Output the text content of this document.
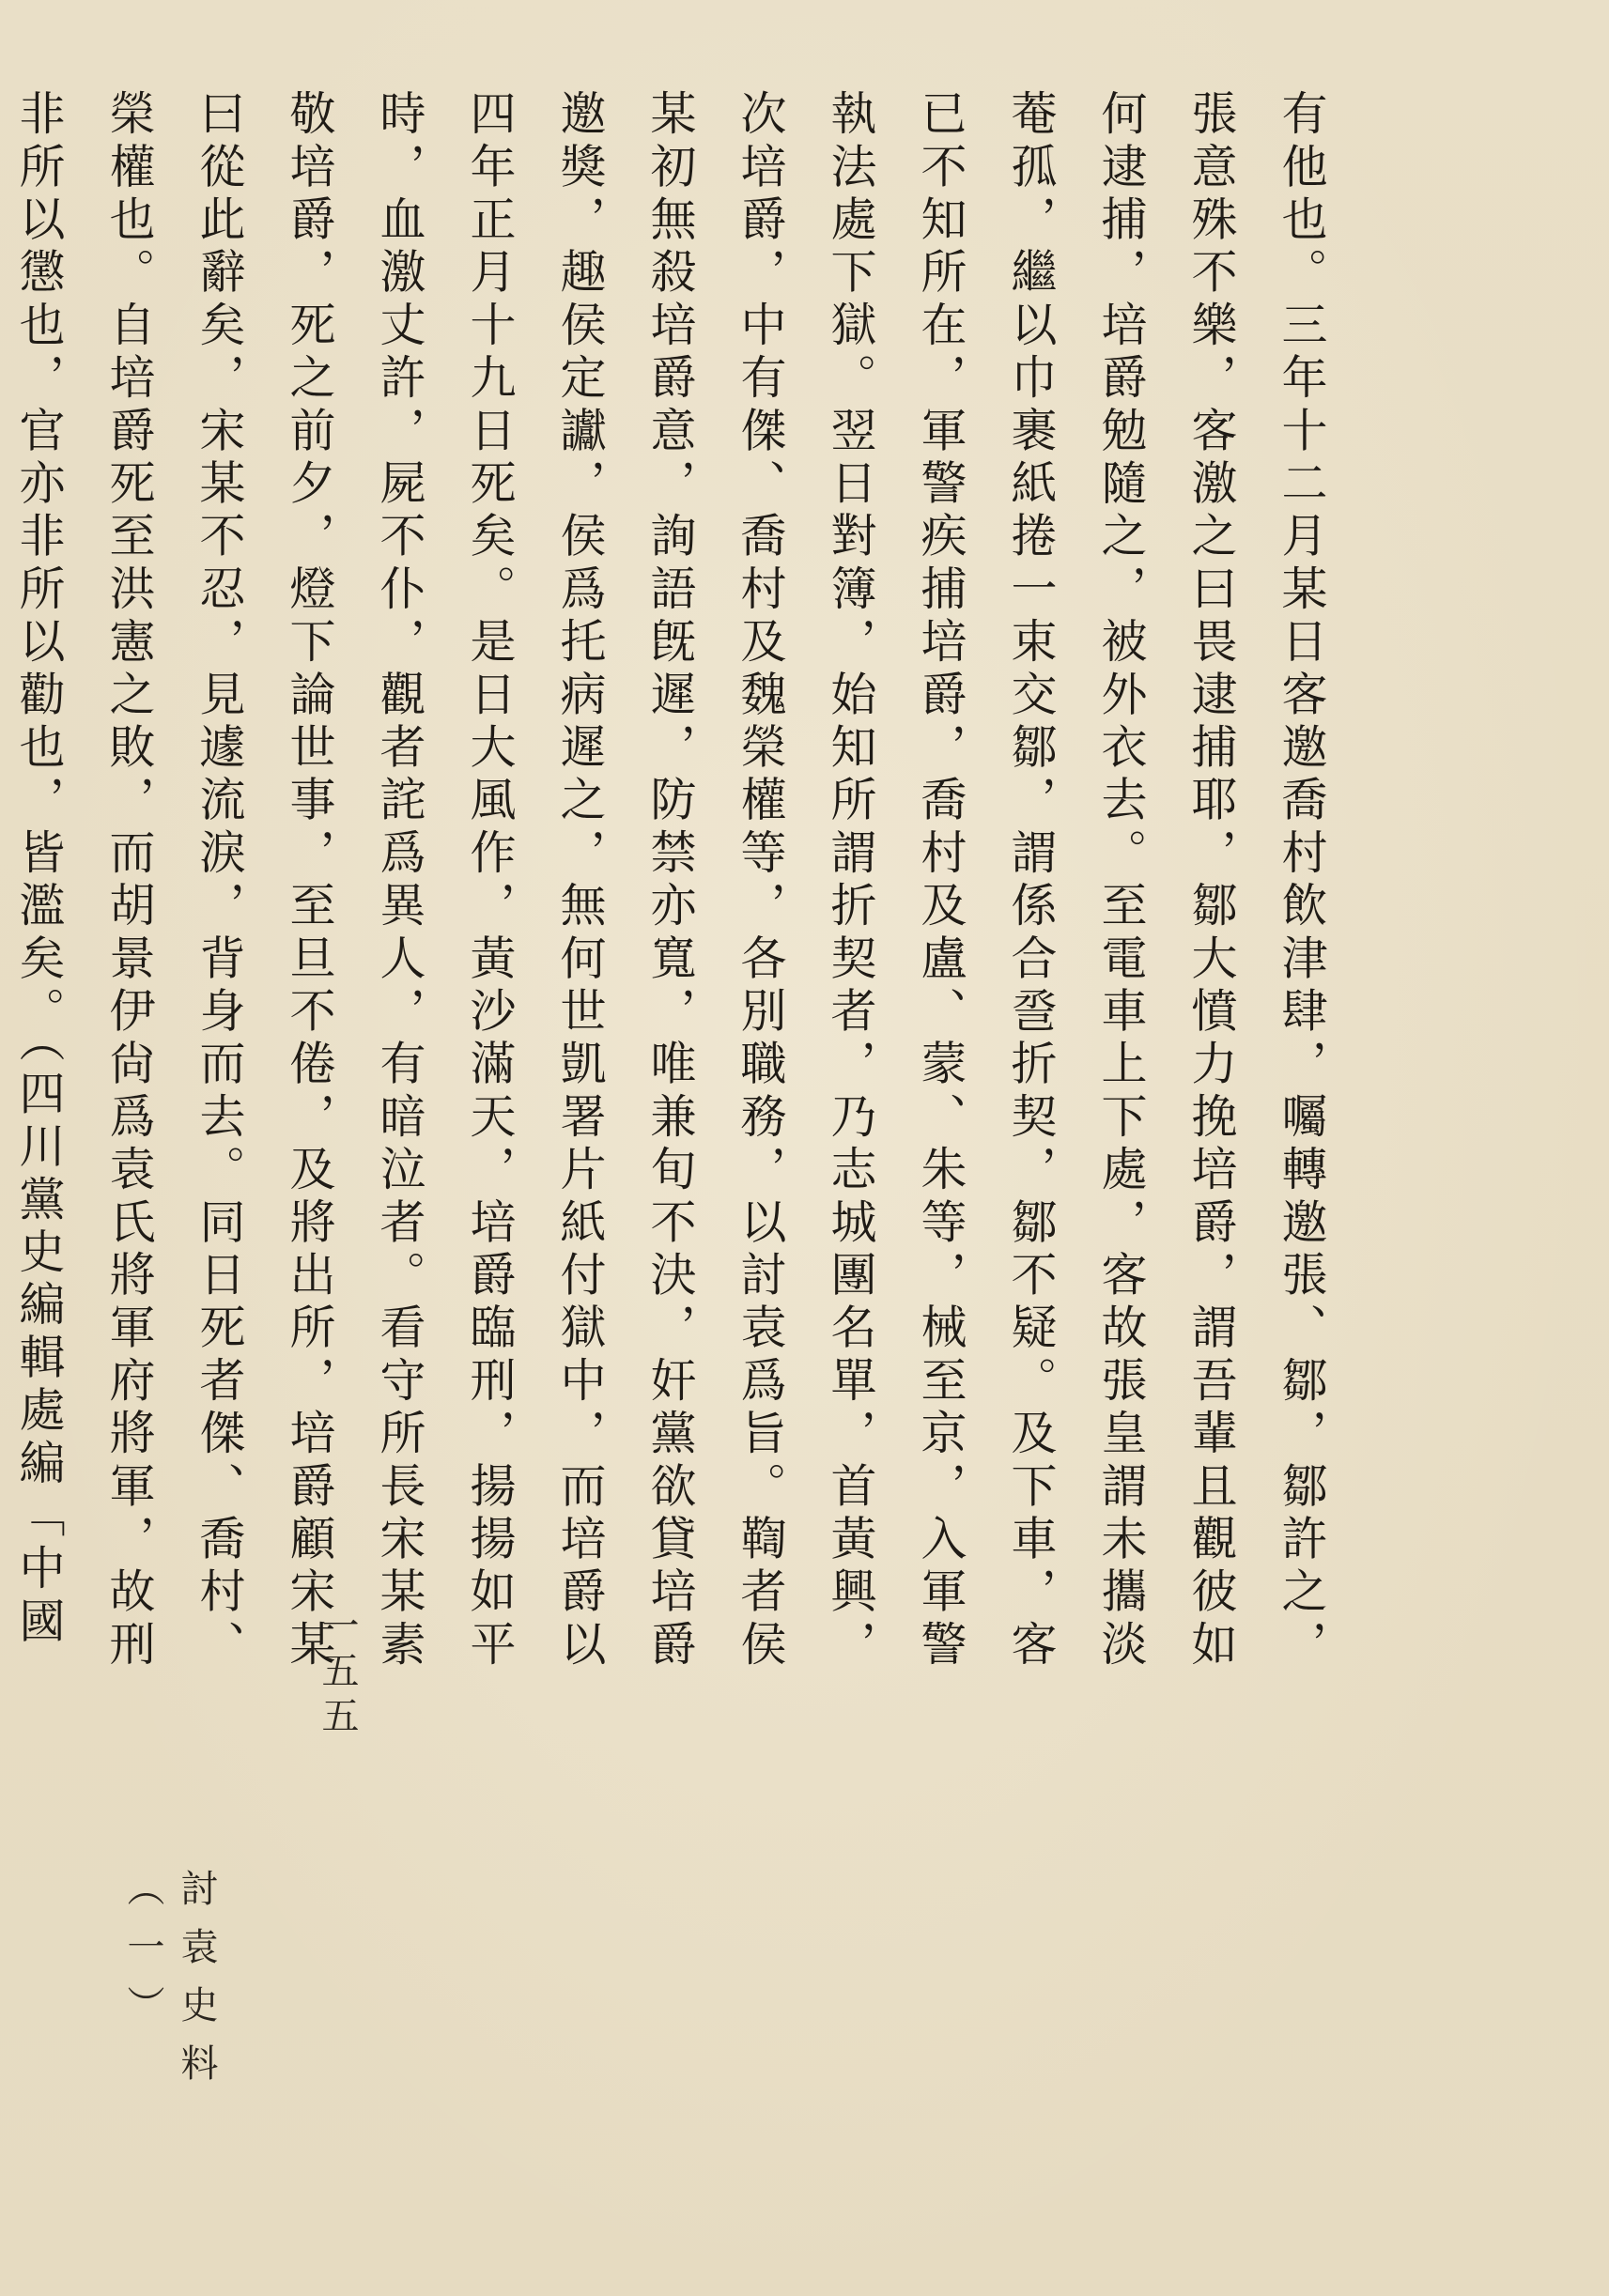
有他也。三年十二月某日客邀喬村飲津肆，囑轉邀張、鄒，鄒許之，張意殊不樂，客激之曰畏逮捕耶，鄒大憤力挽培爵，謂吾輩且觀彼如何逮捕，培爵勉隨之，被外衣去。至電車上下處，客故張皇謂未攜淡菴孤，繼以巾裹紙捲一束交鄒，謂係合巹折契，鄒不疑。及下車，客已不知所在，軍警疾捕培爵，喬村及盧、蒙、朱等，械至京，入軍警執法處下獄。翌日對簿，始知所謂折契者，乃志城團名單，首黃興，次培爵，中有傑、喬村及魏榮權等，各別職務，以討袁爲旨。鞫者侯某初無殺培爵意，詢語旣遲，防禁亦寬，唯兼旬不決，奸黨欲貸培爵邀獎，趣侯定讞，侯爲托病遲之，無何世凱署片紙付獄中，而培爵以四年正月十九日死矣。是日大風作，黃沙滿天，培爵臨刑，揚揚如平時，血激丈許，屍不仆，觀者詫爲異人，有暗泣者。看守所長宋某素敬培爵，死之前夕，燈下論世事，至旦不倦，及將出所，培爵顧宋某曰從此辭矣，宋某不忍，見遽流淚，背身而去。同日死者傑、喬村、榮權也。自培爵死至洪憲之敗，而胡景伊尙爲袁氏將軍府將軍，故刑非所以懲也，官亦非所以勸也，皆濫矣。（四川黨史編輯處編「中國

討袁史料（一）
一五五
